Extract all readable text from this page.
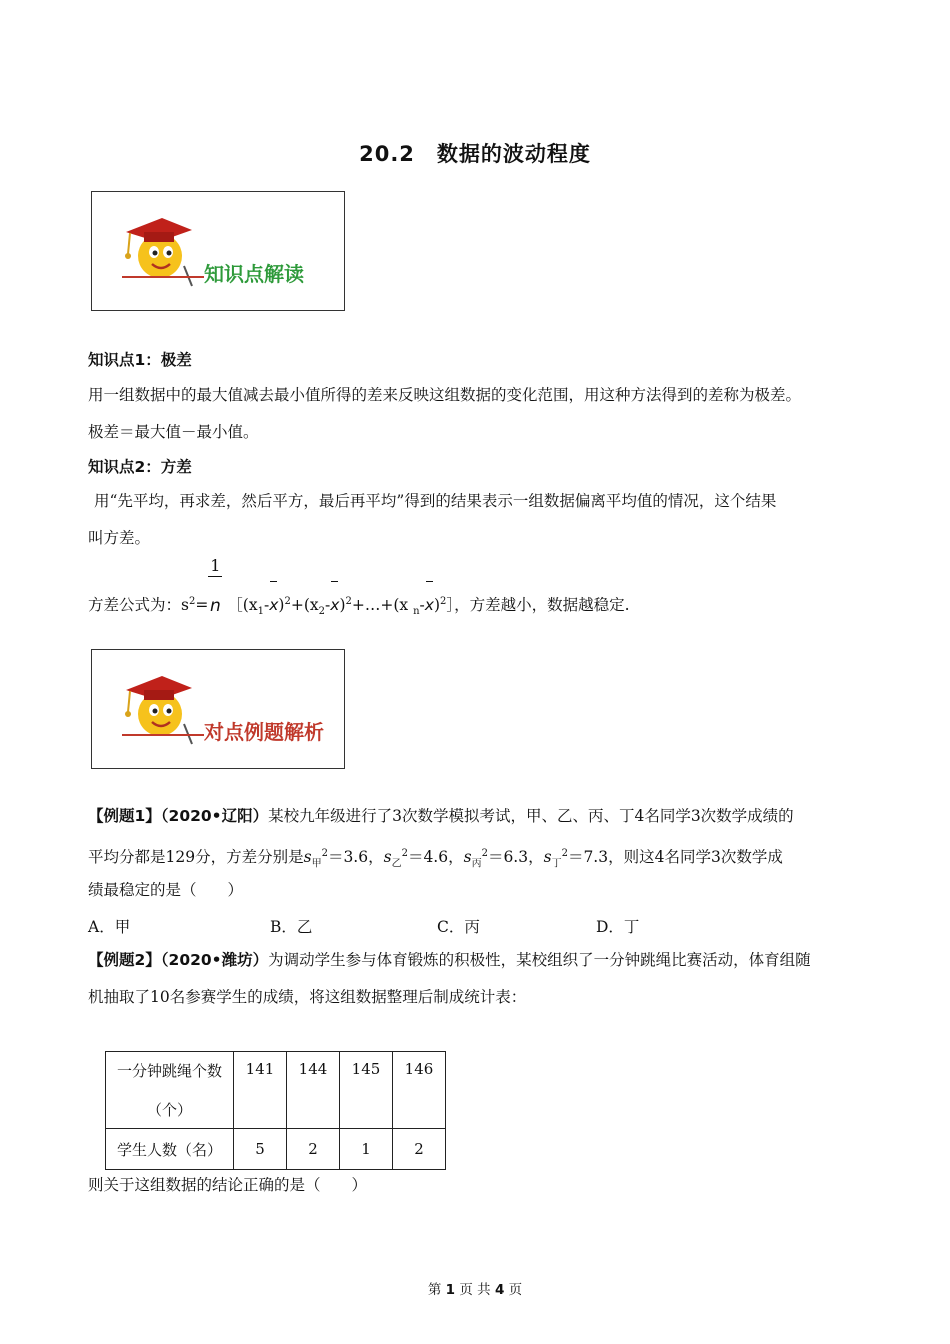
20.2　数据的波动程度
知识点解读
知识点1：极差
用一组数据中的最大值减去最小值所得的差来反映这组数据的变化范围，用这种方法得到的差称为极差。
极差＝最大值－最小值。
知识点2：方差
用“先平均，再求差，然后平方，最后再平均”得到的结果表示一组数据偏离平均值的情况，这个结果
叫方差。
方差公式为：$s^2= \frac{1}{n}$ $[(x_1-x)^2+(x_2-x)^2+\dots+(x$ $_n$-x)$^2$］，方差越小，数据越稳定.
对点例题解析
【例题1】（2020•辽阳）某校九年级进行了3次数学模拟考试，甲、乙、丙、丁4名同学3次数学成绩的
平均分都是129分，方差分别是$s_甲^2=3.6$，$s_乙^2=4.6$，$s_丙^2=6.3$，$s_丁^2=7.3$，则这4名同学3次数学成
绩最稳定的是（　　）
A．甲	B．乙	C．丙	D．丁
【例题2】（2020•潍坊）为调动学生参与体育锻炼的积极性，某校组织了一分钟跳绳比赛活动，体育组随
机抽取了10名参赛学生的成绩，将这组数据整理后制成统计表：
一分钟跳绳个数
（个）	141	144	145	146
学生人数（名）	5	2	1	2
则关于这组数据的结论正确的是（　　）
第 1 页 共 4 页
